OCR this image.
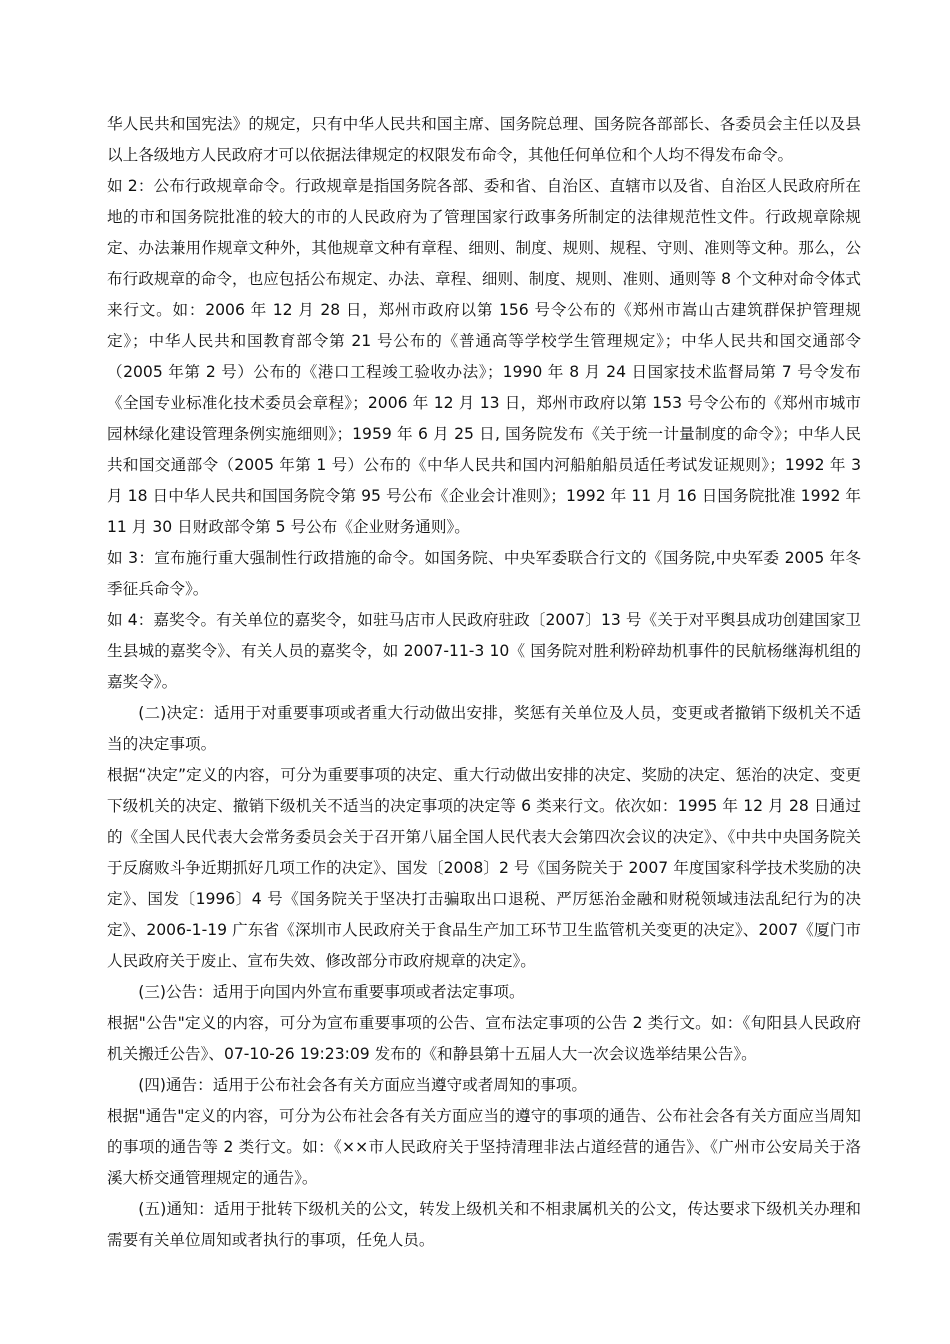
华人民共和国宪法》的规定，只有中华人民共和国主席、国务院总理、国务院各部部长、各委员会主任以及县以上各级地方人民政府才可以依据法律规定的权限发布命令，其他任何单位和个人均不得发布命令。

如 2：公布行政规章命令。行政规章是指国务院各部、委和省、自治区、直辖市以及省、自治区人民政府所在地的市和国务院批准的较大的市的人民政府为了管理国家行政事务所制定的法律规范性文件。行政规章除规定、办法兼用作规章文种外，其他规章文种有章程、细则、制度、规则、规程、守则、准则等文种。那么，公布行政规章的命令，也应包括公布规定、办法、章程、细则、制度、规则、准则、通则等 8 个文种对命令体式来行文。如：2006 年 12 月 28 日，郑州市政府以第 156 号令公布的《郑州市嵩山古建筑群保护管理规定》；中华人民共和国教育部令第 21 号公布的《普通高等学校学生管理规定》；中华人民共和国交通部令（2005 年第 2 号）公布的《港口工程竣工验收办法》；1990 年 8 月 24 日国家技术监督局第 7 号令发布《全国专业标准化技术委员会章程》；2006 年 12 月 13 日，郑州市政府以第 153 号令公布的《郑州市城市园林绿化建设管理条例实施细则》；1959 年 6 月 25 日, 国务院发布《关于统一计量制度的命令》；中华人民共和国交通部令（2005 年第 1 号）公布的《中华人民共和国内河船舶船员适任考试发证规则》；1992 年 3 月 18 日中华人民共和国国务院令第 95 号公布《企业会计准则》；1992 年 11 月 16 日国务院批准 1992 年 11 月 30 日财政部令第 5 号公布《企业财务通则》。

如 3：宣布施行重大强制性行政措施的命令。如国务院、中央军委联合行文的《国务院,中央军委 2005 年冬季征兵命令》。

如 4：嘉奖令。有关单位的嘉奖令，如驻马店市人民政府驻政〔2007〕13 号《关于对平舆县成功创建国家卫生县城的嘉奖令》、有关人员的嘉奖令，如 2007-11-3 10《 国务院对胜利粉碎劫机事件的民航杨继海机组的嘉奖令》。

(二)决定：适用于对重要事项或者重大行动做出安排，奖惩有关单位及人员，变更或者撤销下级机关不适当的决定事项。

根据“决定”定义的内容，可分为重要事项的决定、重大行动做出安排的决定、奖励的决定、惩治的决定、变更下级机关的决定、撤销下级机关不适当的决定事项的决定等 6 类来行文。依次如：1995 年 12 月 28 日通过的《全国人民代表大会常务委员会关于召开第八届全国人民代表大会第四次会议的决定》、《中共中央国务院关于反腐败斗争近期抓好几项工作的决定》、国发〔2008〕2 号《国务院关于 2007 年度国家科学技术奖励的决定》、国发〔1996〕4 号《国务院关于坚决打击骗取出口退税、严厉惩治金融和财税领域违法乱纪行为的决定》、2006-1-19 广东省《深圳市人民政府关于食品生产加工环节卫生监管机关变更的决定》、2007《厦门市人民政府关于废止、宣布失效、修改部分市政府规章的决定》。

(三)公告：适用于向国内外宣布重要事项或者法定事项。

根据"公告"定义的内容，可分为宣布重要事项的公告、宣布法定事项的公告 2 类行文。如：《旬阳县人民政府机关搬迁公告》、07-10-26 19:23:09 发布的《和静县第十五届人大一次会议选举结果公告》。

(四)通告：适用于公布社会各有关方面应当遵守或者周知的事项。

根据"通告"定义的内容，可分为公布社会各有关方面应当的遵守的事项的通告、公布社会各有关方面应当周知的事项的通告等 2 类行文。如：《××市人民政府关于坚持清理非法占道经营的通告》、《广州市公安局关于洛溪大桥交通管理规定的通告》。

(五)通知：适用于批转下级机关的公文，转发上级机关和不相隶属机关的公文，传达要求下级机关办理和需要有关单位周知或者执行的事项，任免人员。
